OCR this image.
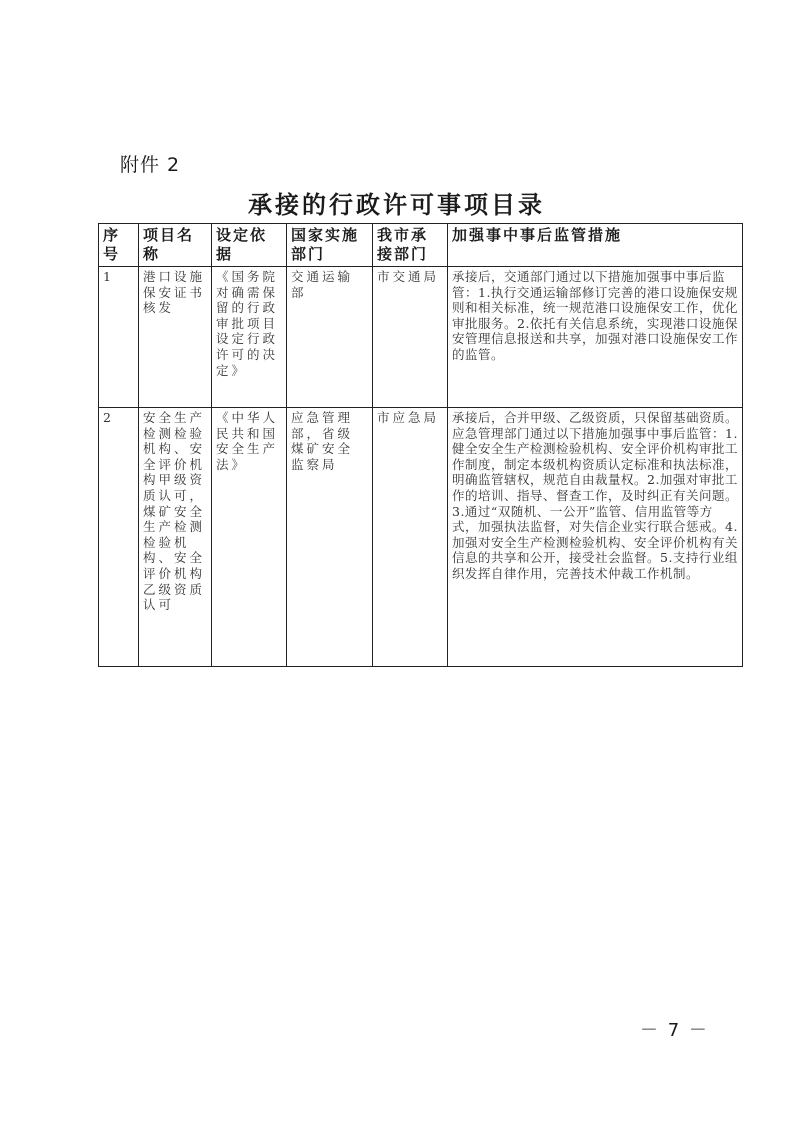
附件 2
承接的行政许可事项目录
序号	项目名称	设定依据	国家实施部门	我市承接部门	加强事中事后监管措施
1	港口设施保安证书核发	《国务院对确需保留的行政审批项目设定行政许可的决定》	交通运输部	市交通局	承接后，交通部门通过以下措施加强事中事后监管：1.执行交通运输部修订完善的港口设施保安规则和相关标准，统一规范港口设施保安工作，优化审批服务。2.依托有关信息系统，实现港口设施保安管理信息报送和共享，加强对港口设施保安工作的监管。
2	安全生产检测检验机构、安全评价机构甲级资质认可，煤矿安全生产检测检验机构、安全评价机构乙级资质认可	《中华人民共和国安全生产法》	应急管理部，省级煤矿安全监察局	市应急局	承接后，合并甲级、乙级资质，只保留基础资质。应急管理部门通过以下措施加强事中事后监管：1.健全安全生产检测检验机构、安全评价机构审批工作制度，制定本级机构资质认定标准和执法标准，明确监管辖权，规范自由裁量权。2.加强对审批工作的培训、指导、督查工作，及时纠正有关问题。3.通过“双随机、一公开”监管、信用监管等方式，加强执法监督，对失信企业实行联合惩戒。4.加强对安全生产检测检验机构、安全评价机构有关信息的共享和公开，接受社会监督。5.支持行业组织发挥自律作用，完善技术仲裁工作机制。
－ 7 －
